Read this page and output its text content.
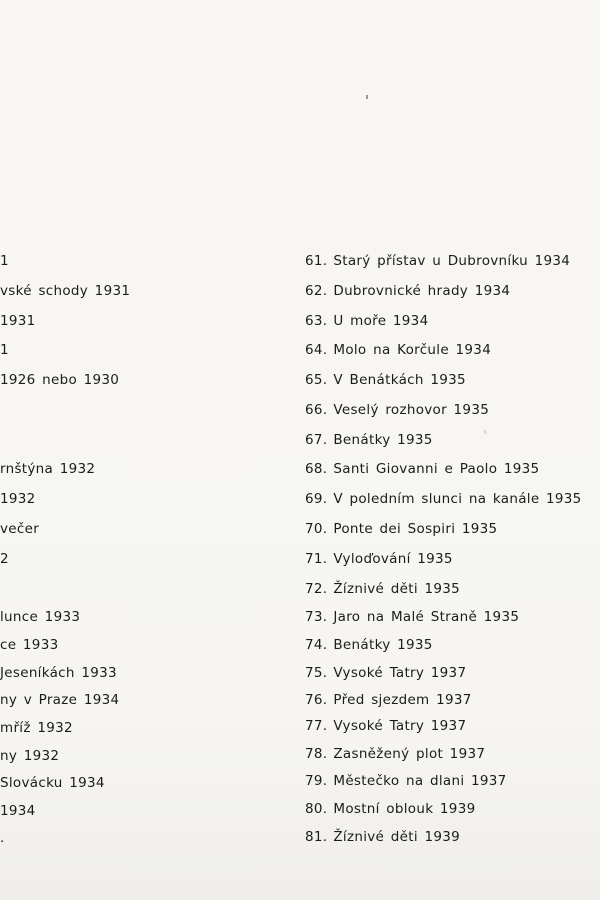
1
vské schody 1931
1931
1
1926 nebo 1930
rnštýna 1932
1932
večer
2
lunce 1933
ce 1933
Jeseníkách 1933
ny v Praze 1934
mříž 1932
ny 1932
Slovácku 1934
1934
.
61. Starý přístav u Dubrovníku 1934
62. Dubrovnické hrady 1934
63. U moře 1934
64. Molo na Korčule 1934
65. V Benátkách 1935
66. Veselý rozhovor 1935
67. Benátky 1935
68. Santi Giovanni e Paolo 1935
69. V poledním slunci na kanále 1935
70. Ponte dei Sospiri 1935
71. Vyloďování 1935
72. Žíznivé děti 1935
73. Jaro na Malé Straně 1935
74. Benátky 1935
75. Vysoké Tatry 1937
76. Před sjezdem 1937
77. Vysoké Tatry 1937
78. Zasněžený plot 1937
79. Městečko na dlani 1937
80. Mostní oblouk 1939
81. Žíznivé děti 1939
